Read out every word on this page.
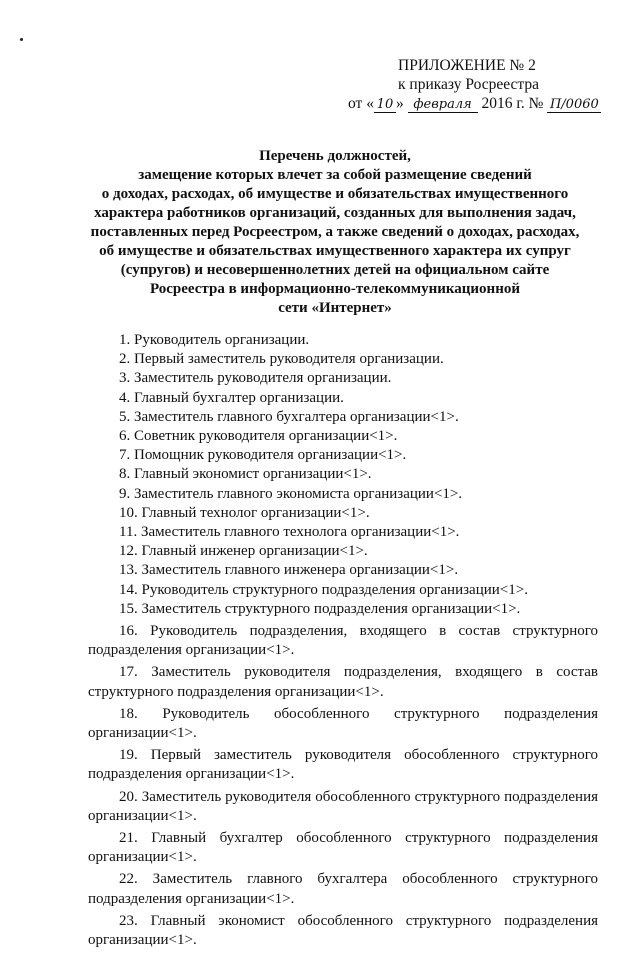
ПРИЛОЖЕНИЕ № 2
к приказу Росреестра
от « 10 » февраля 2016 г. № П/0060
Перечень должностей,
замещение которых влечет за собой размещение сведений
о доходах, расходах, об имуществе и обязательствах имущественного
характера работников организаций, созданных для выполнения задач,
поставленных перед Росреестром, а также сведений о доходах, расходах,
об имуществе и обязательствах имущественного характера их супруг
(супругов) и несовершеннолетних детей на официальном сайте
Росреестра в информационно-телекоммуникационной
сети «Интернет»
1. Руководитель организации.
2. Первый заместитель руководителя организации.
3. Заместитель руководителя организации.
4. Главный бухгалтер организации.
5. Заместитель главного бухгалтера организации<1>.
6. Советник руководителя организации<1>.
7. Помощник руководителя организации<1>.
8. Главный экономист организации<1>.
9. Заместитель главного экономиста организации<1>.
10. Главный технолог организации<1>.
11. Заместитель главного технолога организации<1>.
12. Главный инженер организации<1>.
13. Заместитель главного инженера организации<1>.
14. Руководитель структурного подразделения организации<1>.
15. Заместитель структурного подразделения организации<1>.
16. Руководитель подразделения, входящего в состав структурного подразделения организации<1>.
17. Заместитель руководителя подразделения, входящего в состав структурного подразделения организации<1>.
18. Руководитель обособленного структурного подразделения организации<1>.
19. Первый заместитель руководителя обособленного структурного подразделения организации<1>.
20. Заместитель руководителя обособленного структурного подразделения организации<1>.
21. Главный бухгалтер обособленного структурного подразделения организации<1>.
22. Заместитель главного бухгалтера обособленного структурного подразделения организации<1>.
23. Главный экономист обособленного структурного подразделения организации<1>.
